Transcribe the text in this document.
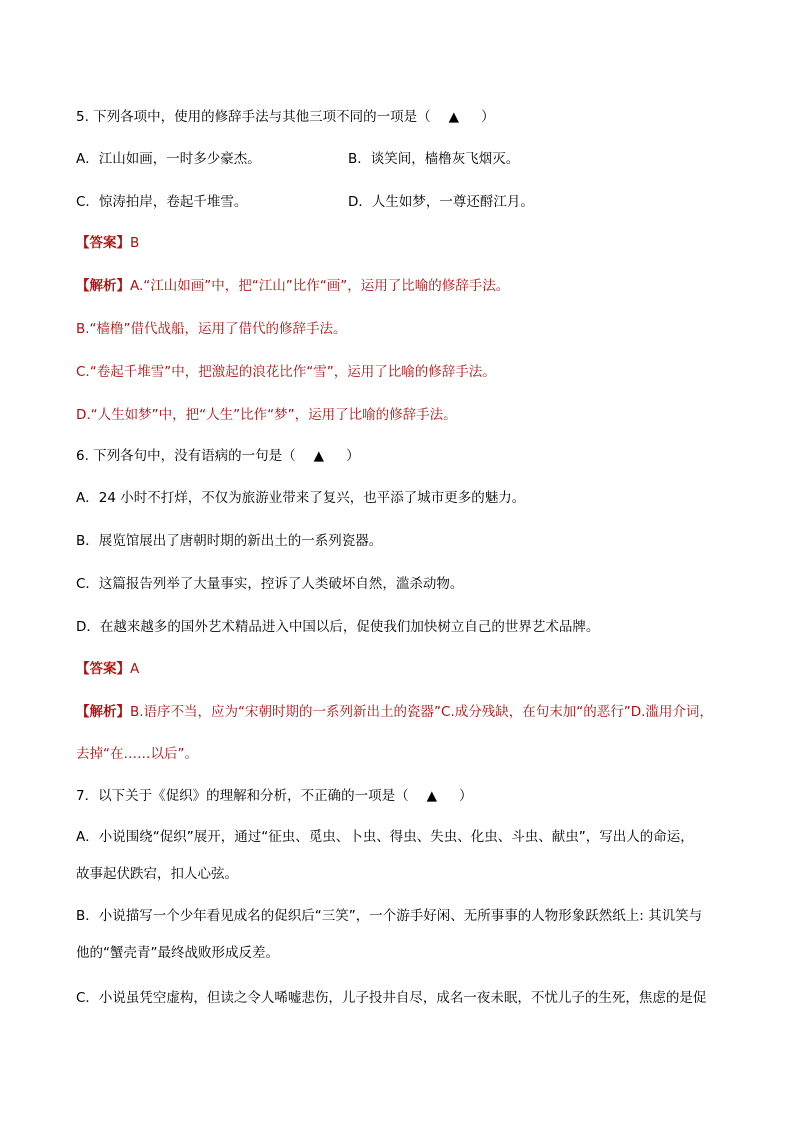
5. 下列各项中，使用的修辞手法与其他三项不同的一项是（ ▲ ）
A．江山如画，一时多少豪杰。	B．谈笑间，樯橹灰飞烟灭。
C．惊涛拍岸，卷起千堆雪。	D．人生如梦，一尊还酹江月。
【答案】B
【解析】A.“江山如画”中，把“江山”比作“画”，运用了比喻的修辞手法。
B.“樯橹”借代战船，运用了借代的修辞手法。
C.“卷起千堆雪”中，把激起的浪花比作“雪”，运用了比喻的修辞手法。
D.“人生如梦”中，把“人生”比作“梦”，运用了比喻的修辞手法。
6. 下列各句中，没有语病的一句是（ ▲ ）
A．24 小时不打烊，不仅为旅游业带来了复兴，也平添了城市更多的魅力。
B．展览馆展出了唐朝时期的新出土的一系列瓷器。
C．这篇报告列举了大量事实，控诉了人类破坏自然，滥杀动物。
D．在越来越多的国外艺术精品进入中国以后，促使我们加快树立自己的世界艺术品牌。
【答案】A
【解析】B.语序不当，应为“宋朝时期的一系列新出土的瓷器”C.成分残缺，在句末加“的恶行”D.滥用介词，
去掉“在……以后”。
7．以下关于《促织》的理解和分析，不正确的一项是（ ▲ ）
A．小说围绕“促织”展开，通过“征虫、觅虫、卜虫、得虫、失虫、化虫、斗虫、献虫”，写出人的命运，
故事起伏跌宕，扣人心弦。
B．小说描写一个少年看见成名的促织后“三笑”，一个游手好闲、无所事事的人物形象跃然纸上: 其讥笑与
他的“蟹壳青”最终战败形成反差。
C．小说虽凭空虚构，但读之令人唏嘘悲伤，儿子投井自尽，成名一夜未眠，不忧儿子的生死，焦虑的是促
